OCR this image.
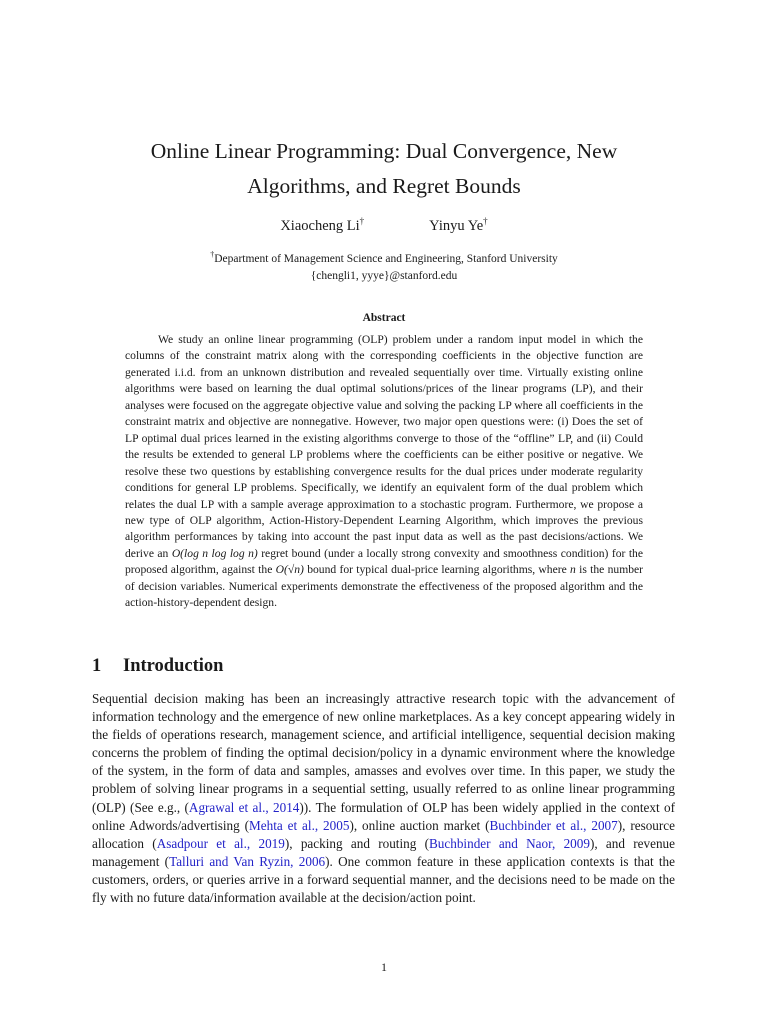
Online Linear Programming: Dual Convergence, New
Algorithms, and Regret Bounds
Xiaocheng Li†	Yinyu Ye†
†Department of Management Science and Engineering, Stanford University
{chengli1, yyye}@stanford.edu
Abstract

We study an online linear programming (OLP) problem under a random input model in which the columns of the constraint matrix along with the corresponding coefficients in the objective function are generated i.i.d. from an unknown distribution and revealed sequentially over time. Virtually existing online algorithms were based on learning the dual optimal solutions/prices of the linear programs (LP), and their analyses were focused on the aggregate objective value and solving the packing LP where all coefficients in the constraint matrix and objective are nonnegative. However, two major open questions were: (i) Does the set of LP optimal dual prices learned in the existing algorithms converge to those of the “offline” LP, and (ii) Could the results be extended to general LP problems where the coefficients can be either positive or negative. We resolve these two questions by establishing convergence results for the dual prices under moderate regularity conditions for general LP problems. Specifically, we identify an equivalent form of the dual problem which relates the dual LP with a sample average approximation to a stochastic program. Furthermore, we propose a new type of OLP algorithm, Action-History-Dependent Learning Algorithm, which improves the previous algorithm performances by taking into account the past input data as well as the past decisions/actions. We derive an O(log n log log n) regret bound (under a locally strong convexity and smoothness condition) for the proposed algorithm, against the O(√n) bound for typical dual-price learning algorithms, where n is the number of decision variables. Numerical experiments demonstrate the effectiveness of the proposed algorithm and the action-history-dependent design.

1 Introduction

Sequential decision making has been an increasingly attractive research topic with the advancement of information technology and the emergence of new online marketplaces. As a key concept appearing widely in the fields of operations research, management science, and artificial intelligence, sequential decision making concerns the problem of finding the optimal decision/policy in a dynamic environment where the knowledge of the system, in the form of data and samples, amasses and evolves over time. In this paper, we study the problem of solving linear programs in a sequential setting, usually referred to as online linear programming (OLP) (See e.g., (Agrawal et al., 2014)). The formulation of OLP has been widely applied in the context of online Adwords/advertising (Mehta et al., 2005), online auction market (Buchbinder et al., 2007), resource allocation (Asadpour et al., 2019), packing and routing (Buchbinder and Naor, 2009), and revenue management (Talluri and Van Ryzin, 2006). One common feature in these application contexts is that the customers, orders, or queries arrive in a forward sequential manner, and the decisions need to be made on the fly with no future data/information available at the decision/action point.

1
